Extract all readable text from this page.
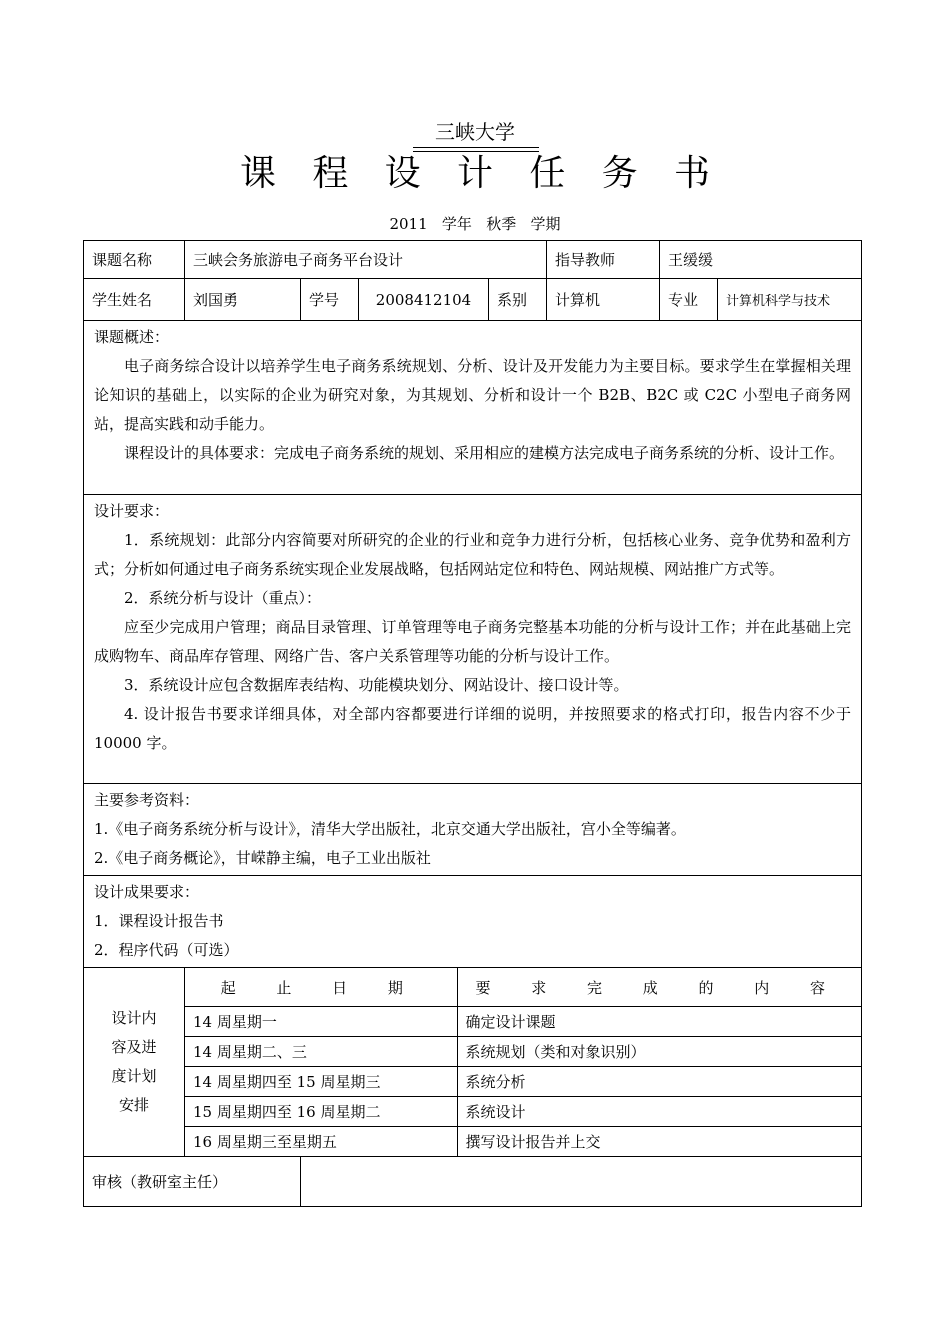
三峡大学
课 程 设 计 任 务 书
2011   学年   秋季   学期
课题名称	三峡会务旅游电子商务平台设计	指导教师	王缓缓
学生姓名	刘国勇	学号	2008412104	系别	计算机	专业	计算机科学与技术

课题概述：

电子商务综合设计以培养学生电子商务系统规划、分析、设计及开发能力为主要目标。要求学生在掌握相关理论知识的基础上，以实际的企业为研究对象，为其规划、分析和设计一个 B2B、B2C 或 C2C 小型电子商务网站，提高实践和动手能力。

课程设计的具体要求：完成电子商务系统的规划、采用相应的建模方法完成电子商务系统的分析、设计工作。

设计要求：

1．系统规划：此部分内容简要对所研究的企业的行业和竞争力进行分析，包括核心业务、竞争优势和盈利方式；分析如何通过电子商务系统实现企业发展战略，包括网站定位和特色、网站规模、网站推广方式等。

2．系统分析与设计（重点）：

应至少完成用户管理；商品目录管理、订单管理等电子商务完整基本功能的分析与设计工作；并在此基础上完成购物车、商品库存管理、网络广告、客户关系管理等功能的分析与设计工作。

3．系统设计应包含数据库表结构、功能模块划分、网站设计、接口设计等。

4. 设计报告书要求详细具体，对全部内容都要进行详细的说明，并按照要求的格式打印，报告内容不少于 10000 字。

主要参考资料：

1.《电子商务系统分析与设计》，清华大学出版社，北京交通大学出版社，宫小全等编著。

2.《电子商务概论》，甘嵘静主编，电子工业出版社

设计成果要求：

1．课程设计报告书

2．程序代码（可选）

设计内
容及进
度计划
安排

起 止 日 期	要 求 完 成 的 内 容
14 周星期一	确定设计课题
14 周星期二、三	系统规划（类和对象识别）
14 周星期四至 15 周星期三	系统分析
15 周星期四至 16 周星期二	系统设计
16 周星期三至星期五	撰写设计报告并上交

审核（教研室主任）	
